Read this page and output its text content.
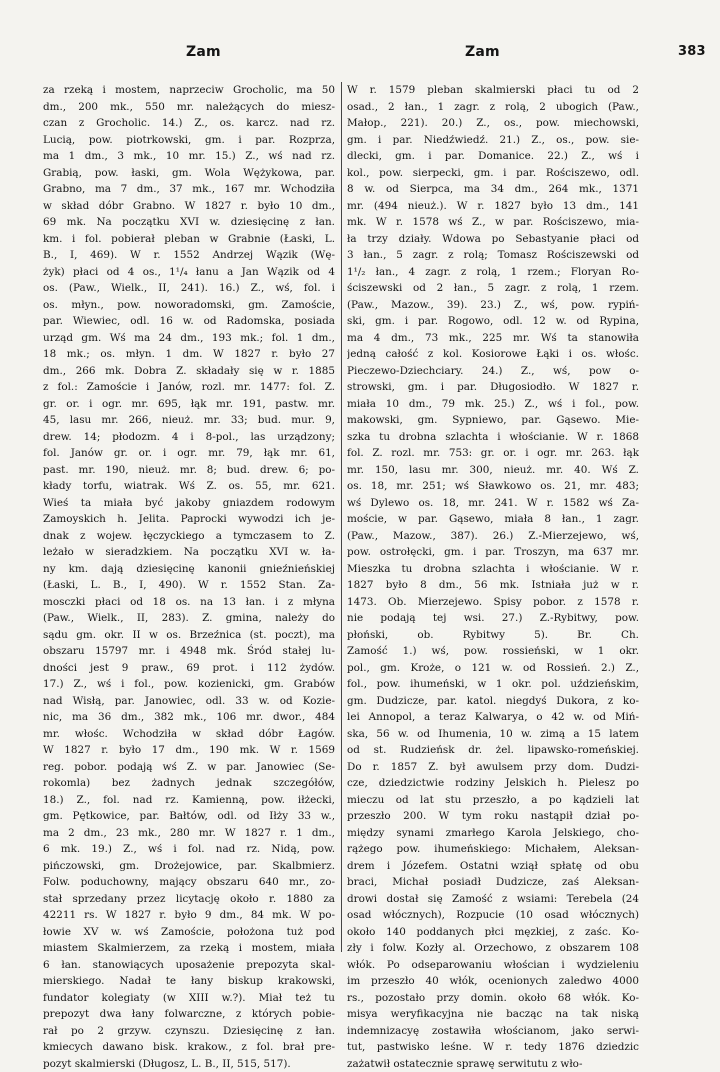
Zam	Zam	383
za rzeką i mostem, naprzeciw Grocholic, ma 50
dm., 200 mk., 550 mr. należących do miesz-
czan z Grocholic. 14.) Z., os. karcz. nad rz.
Lucią, pow. piotrkowski, gm. i par. Rozprza,
ma 1 dm., 3 mk., 10 mr. 15.) Z., wś nad rz.
Grabią, pow. łaski, gm. Wola Wężykowa, par.
Grabno, ma 7 dm., 37 mk., 167 mr. Wchodziła
w skład dóbr Grabno. W 1827 r. było 10 dm.,
69 mk. Na początku XVI w. dziesięcinę z łan.
km. i fol. pobierał pleban w Grabnie (Łaski, L.
B., I, 469). W r. 1552 Andrzej Wązik (Wę-
żyk) płaci od 4 os., 1¹/₄ łanu a Jan Wązik od 4
os. (Paw., Wielk., II, 241). 16.) Z., wś, fol. i
os. młyn., pow. noworadomski, gm. Zamoście,
par. Wiewiec, odl. 16 w. od Radomska, posiada
urząd gm. Wś ma 24 dm., 193 mk.; fol. 1 dm.,
18 mk.; os. młyn. 1 dm. W 1827 r. było 27
dm., 266 mk. Dobra Z. składały się w r. 1885
z fol.: Zamoście i Janów, rozl. mr. 1477: fol. Z.
gr. or. i ogr. mr. 695, łąk mr. 191, pastw. mr.
45, lasu mr. 266, nieuż. mr. 33; bud. mur. 9,
drew. 14; płodozm. 4 i 8-pol., las urządzony;
fol. Janów gr. or. i ogr. mr. 79, łąk mr. 61,
past. mr. 190, nieuż. mr. 8; bud. drew. 6; po-
kłady torfu, wiatrak. Wś Z. os. 55, mr. 621.
Wieś ta miała być jakoby gniazdem rodowym
Zamoyskich h. Jelita. Paprocki wywodzi ich je-
dnak z wojew. łęczyckiego a tymczasem to Z.
leżało w sieradzkiem. Na początku XVI w. ła-
ny km. dają dziesięcinę kanonii gnieźnieńskiej
(Łaski, L. B., I, 490). W r. 1552 Stan. Za-
mosczki płaci od 18 os. na 13 łan. i z młyna
(Paw., Wielk., II, 283). Z. gmina, należy do
sądu gm. okr. II w os. Brzeźnica (st. poczt), ma
obszaru 15797 mr. i 4948 mk. Śród stałej lu-
dności jest 9 praw., 69 prot. i 112 żydów.
17.) Z., wś i fol., pow. kozienicki, gm. Grabów
nad Wisłą, par. Janowiec, odl. 33 w. od Kozie-
nic, ma 36 dm., 382 mk., 106 mr. dwor., 484
mr. włośc. Wchodziła w skład dóbr Łagów.
W 1827 r. było 17 dm., 190 mk. W r. 1569
reg. pobor. podają wś Z. w par. Janowiec (Se-
rokomla) bez żadnych jednak szczegółów,
18.) Z., fol. nad rz. Kamienną, pow. iłżecki,
gm. Pętkowice, par. Bałtów, odl. od Iłży 33 w.,
ma 2 dm., 23 mk., 280 mr. W 1827 r. 1 dm.,
6 mk. 19.) Z., wś i fol. nad rz. Nidą, pow.
pińczowski, gm. Drożejowice, par. Skalbmierz.
Folw. poduchowny, mający obszaru 640 mr., zo-
stał sprzedany przez licytację około r. 1880 za
42211 rs. W 1827 r. było 9 dm., 84 mk. W po-
łowie XV w. wś Zamoście, położona tuż pod
miastem Skalmierzem, za rzeką i mostem, miała
6 łan. stanowiących uposażenie prepozyta skal-
mierskiego. Nadał te łany biskup krakowski,
fundator kolegiaty (w XIII w.?). Miał też tu
prepozyt dwa łany folwarczne, z których pobie-
rał po 2 grzyw. czynszu. Dziesięcinę z łan.
kmiecych dawano bisk. krakow., z fol. brał pre-
pozyt skalmierski (Długosz, L. B., II, 515, 517).
W r. 1579 pleban skalmierski płaci tu od 2
osad., 2 łan., 1 zagr. z rolą, 2 ubogich (Paw.,
Małop., 221). 20.) Z., os., pow. miechowski,
gm. i par. Niedźwiedź. 21.) Z., os., pow. sie-
dlecki, gm. i par. Domanice. 22.) Z., wś i
kol., pow. sierpecki, gm. i par. Rościszewo, odl.
8 w. od Sierpca, ma 34 dm., 264 mk., 1371
mr. (494 nieuż.). W r. 1827 było 13 dm., 141
mk. W r. 1578 wś Z., w par. Rościszewo, mia-
ła trzy działy. Wdowa po Sebastyanie płaci od
3 łan., 5 zagr. z rolą; Tomasz Rościszewski od
1¹/₂ łan., 4 zagr. z rolą, 1 rzem.; Floryan Ro-
ściszewski od 2 łan., 5 zagr. z rolą, 1 rzem.
(Paw., Mazow., 39). 23.) Z., wś, pow. rypiń-
ski, gm. i par. Rogowo, odl. 12 w. od Rypina,
ma 4 dm., 73 mk., 225 mr. Wś ta stanowiła
jedną całość z kol. Kosiorowe Łąki i os. włośc.
Pieczewo-Dziechciary. 24.) Z., wś, pow o-
strowski, gm. i par. Długosiodło. W 1827 r.
miała 10 dm., 79 mk. 25.) Z., wś i fol., pow.
makowski, gm. Sypniewo, par. Gąsewo. Mie-
szka tu drobna szlachta i włościanie. W r. 1868
fol. Z. rozl. mr. 753: gr. or. i ogr. mr. 263. łąk
mr. 150, lasu mr. 300, nieuż. mr. 40. Wś Z.
os. 18, mr. 251; wś Sławkowo os. 21, mr. 483;
wś Dylewo os. 18, mr. 241. W r. 1582 wś Za-
moście, w par. Gąsewo, miała 8 łan., 1 zagr.
(Paw., Mazow., 387). 26.) Z.-Mierzejewo, wś,
pow. ostrołęcki, gm. i par. Troszyn, ma 637 mr.
Mieszka tu drobna szlachta i włościanie. W r.
1827 było 8 dm., 56 mk. Istniała już w r.
1473. Ob. Mierzejewo. Spisy pobor. z 1578 r.
nie podają tej wsi. 27.) Z.-Rybitwy, pow.
płoński, ob. Rybitwy 5). Br. Ch.
Zamość 1.) wś, pow. rossieński, w 1 okr.
pol., gm. Kroże, o 121 w. od Rossień. 2.) Z.,
fol., pow. ihumeński, w 1 okr. pol. uździeńskim,
gm. Dudzicze, par. katol. niegdyś Dukora, z ko-
lei Annopol, a teraz Kalwarya, o 42 w. od Miń-
ska, 56 w. od Ihumenia, 10 w. zimą a 15 latem
od st. Rudzieńsk dr. żel. lipawsko-romeńskiej.
Do r. 1857 Z. był awulsem przy dom. Dudzi-
cze, dziedzictwie rodziny Jelskich h. Pielesz po
mieczu od lat stu przeszło, a po kądzieli lat
przeszło 200. W tym roku nastąpił dział po-
między synami zmarłego Karola Jelskiego, cho-
rążego pow. ihumeńskiego: Michałem, Aleksan-
drem i Józefem. Ostatni wziął spłatę od obu
braci, Michał posiadł Dudzicze, zaś Aleksan-
drowi dostał się Zamość z wsiami: Terebela (24
osad włócznych), Rozpucie (10 osad włócznych)
około 140 poddanych płci męzkiej, z zaśc. Ko-
zły i folw. Kozły al. Orzechowo, z obszarem 108
włók. Po odseparowaniu włościan i wydzieleniu
im przeszło 40 włók, ocenionych zaledwo 4000
rs., pozostało przy domin. około 68 włók. Ko-
misya weryfikacyjna nie bacząc na tak niską
indemnizacyę zostawiła włościanom, jako serwi-
tut, pastwisko leśne. W r. tedy 1876 dziedzic
zażatwił ostatecznie sprawę serwitutu z wło-
